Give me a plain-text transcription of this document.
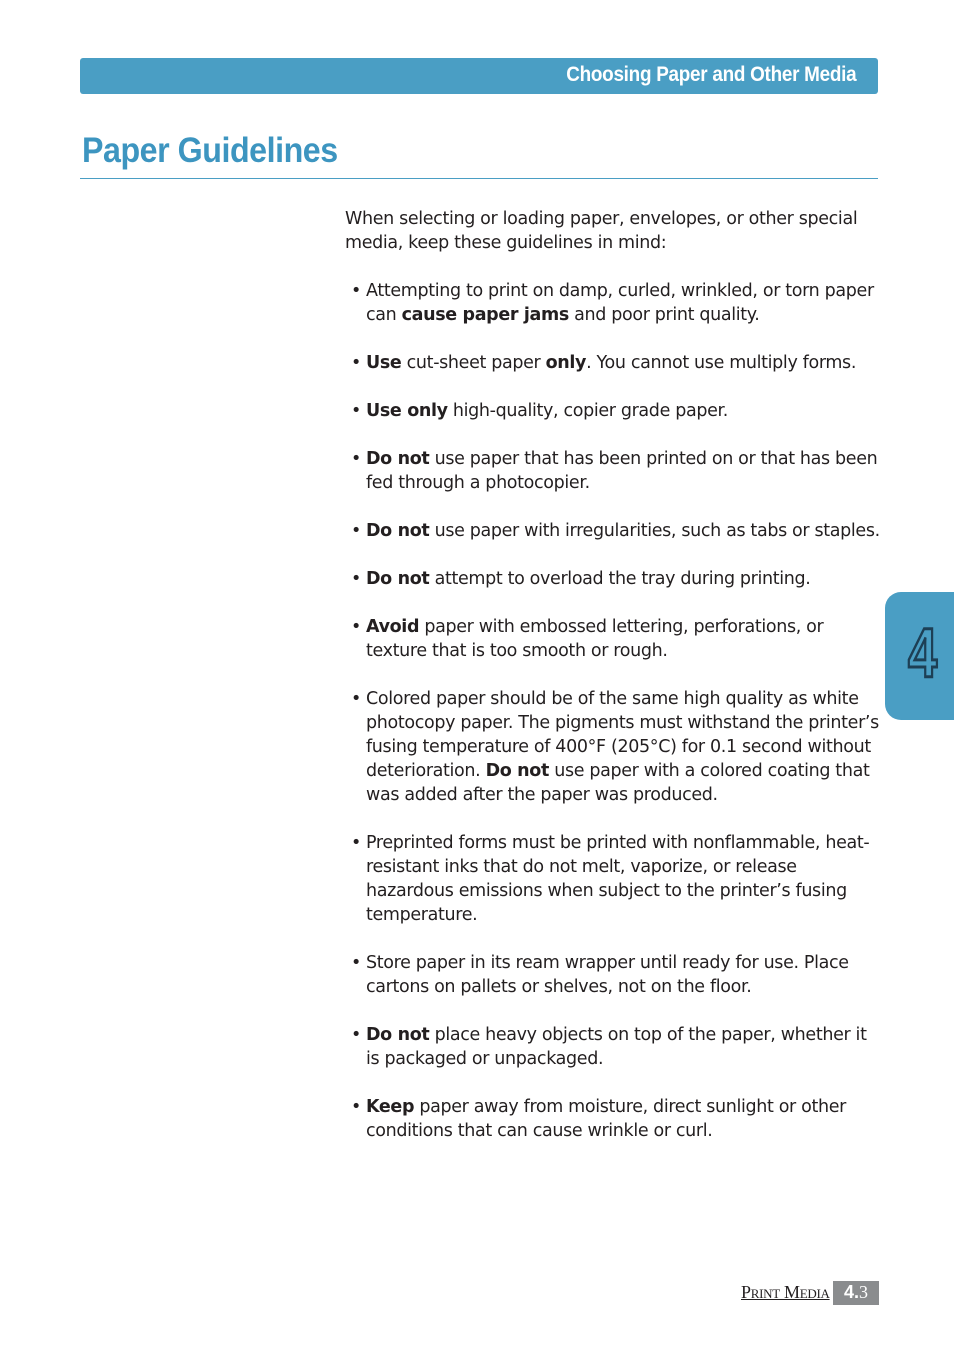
Choosing Paper and Other Media
Paper Guidelines

When selecting or loading paper, envelopes, or other special media, keep these guidelines in mind:

• Attempting to print on damp, curled, wrinkled, or torn paper can cause paper jams and poor print quality.
• Use cut-sheet paper only. You cannot use multiply forms.
• Use only high-quality, copier grade paper.
• Do not use paper that has been printed on or that has been fed through a photocopier.
• Do not use paper with irregularities, such as tabs or staples.
• Do not attempt to overload the tray during printing.
• Avoid paper with embossed lettering, perforations, or texture that is too smooth or rough.
• Colored paper should be of the same high quality as white photocopy paper. The pigments must withstand the printer’s fusing temperature of 400°F (205°C) for 0.1 second without deterioration. Do not use paper with a colored coating that was added after the paper was produced.
• Preprinted forms must be printed with nonflammable, heat-resistant inks that do not melt, vaporize, or release hazardous emissions when subject to the printer’s fusing temperature.
• Store paper in its ream wrapper until ready for use. Place cartons on pallets or shelves, not on the floor.
• Do not place heavy objects on top of the paper, whether it is packaged or unpackaged.
• Keep paper away from moisture, direct sunlight or other conditions that can cause wrinkle or curl.
4
Print Media 4.3
